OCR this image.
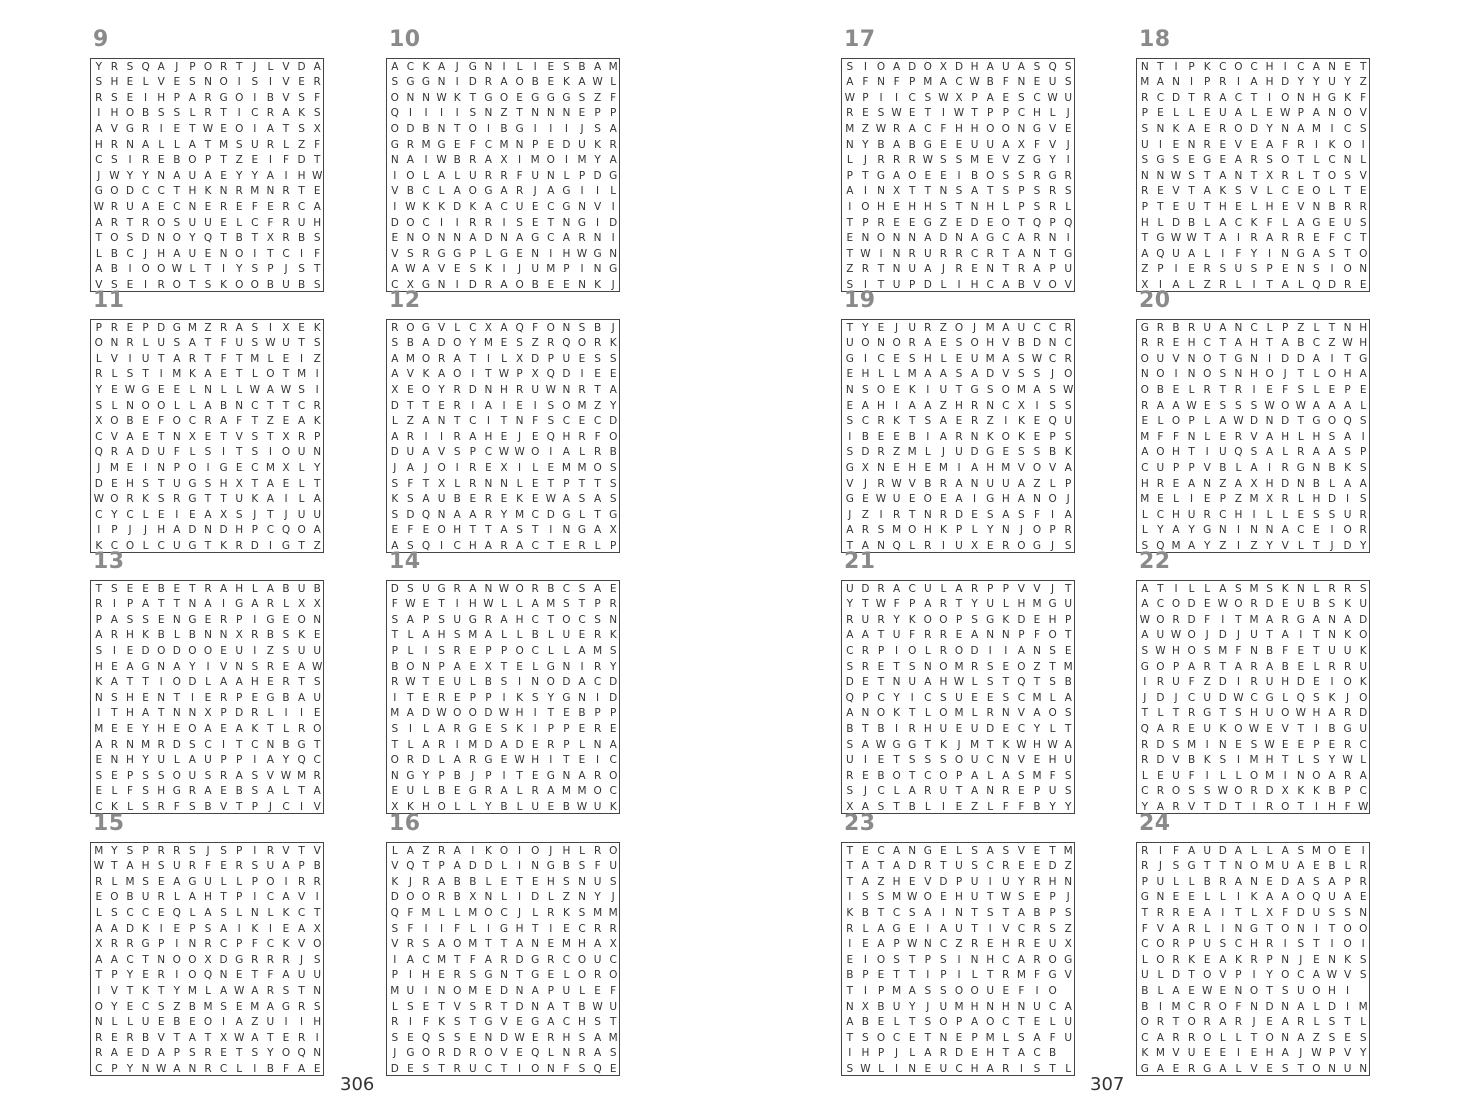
9
Y R S Q A J	P O R T	J	L V D A
S H E L V E S N O I	S	I V E R
R S E	I H P A R G O I B V S F
I H O B S S L R T	I C R A K S
A V G R I	E T W E O I A T S X
H R N A L L A T M S U R L Z F
C S	I R E B O P T Z E	I	F D T
J W Y Y N A U A E Y Y A I H W
G O D C C T H K N R M N R T E
W R U A E C N E R E F E R C A
A R T R O S U U E L C F R U H
T O S D N O Y Q T B T X R B S
L B C J H A U E N O I	T C I	F
A B I O O W L T	I	Y S P	J	S T
V S E	I R O T S K O O B U B S
10
A C K A J G N I	L	I	E S B A M
S G G N I D R A O B E K A W L
O N N W K T G O E G G G S Z F
Q I	I	I	I	S N Z T N N N E P P
O D B N T O I B G I	I	I	J	S A
G R M G E F C M N P E D U K R
N A I W B R A X I M O I M Y A
I O L A L U R R F U N L P D G
V B C L A O G A R J A G I	I	L
I W K K D K A C U E C G N V I
D O C I	I R R I	S E T N G I D
E N O N N A D N A G C A R N I
V S R G G P L G E N I H W G N
A W A V E S K	I	J U M P	I N G
C X G N I D R A O B E E N K	J
11
P R E P D G M Z R A S	I X E K
O N R L U S A T F U S W U T S
L V I U T A R T F T M L E	I Z
R L S T	I M K A E T L O T M I
Y E W G E E L N L L W A W S	I
S L N O O L L A B N C T T C R
X O B E F O C R A F T Z E A K
C V A E T N X E T V S T X R P
Q R A D U F L S	I	T S	I O U N
J M E	I N P O I G E C M X L Y
D E H S T U G S H X T A E L T
W O R K S R G T T U K A I	L A
C Y C L E	I	E A X S	J	T	J U U
I	P	J	J H A D N D H P C Q O A
K C O L C U G T K R D I G T Z
12
R O G V L C X A Q F O N S B J
S B A D O Y M E S Z R Q O R K
A M O R A T	I	L X D P U E S S
A V K A O I	T W P X Q D I	E E
X E O Y R D N H R U W N R T A
D T T E R I A I	E	I	S O M Z Y
L Z A N T C I	T N F S C E C D
A R I	I R A H E	J	E Q H R F O
D U A V S P C W W O I A L R B
J A J O I R E X I	L E M M O S
S F T X L R N N L E T P T T S
K S A U B E R E K E W A S A S
S D Q N A A R Y M C D G L T G
E F E O H T T A S T	I N G A X
A S Q I C H A R A C T E R L P
13
T S E E B E T R A H L A B U B
R I	P A T T N A I G A R L X X
P A S S E N G E R P	I G E O N
A R H K B L B N N X R B S K E
S	I	E D O D O O E U I Z S U U
H E A G N A Y	I V N S R E A W
K A T T	I O D L A A H E R T S
N S H E N T	I	E R P E G B A U
I	T H A T N N X P D R L	I	I	E
M E E Y H E O A E A K T L R O
A R N M R D S C I	T C N B G T
E N H Y U L A U P P	I A Y Q C
S E P S S O U S R A S V W M R
E L F S H G R A E B S A L T A
C K L S R F S B V T P	J C I V
14
D S U G R A N W O R B C S A E
F W E T	I H W L L A M S T P R
S A P S U G R A H C T O C S N
T L A H S M A L L B L U E R K
P L	I	S R E P P O C L L A M S
B O N P A E X T E L G N I R Y
R W T E U L B S	I N O D A C D
I	T E R E P P	I	K S Y G N I D
M A D W O O D W H I	T E B P P
S	I	L A R G E S K	I	P P E R E
T L A R I M D A D E R P L N A
O R D L A R G E W H I	T E	I C
N G Y P B J	P	I	T E G N A R O
E U L B E G R A L R A M M O C
X K H O L L Y B L U E B W U K
15
M Y S P R R S	J	S P	I R V T V
W T A H S U R F E R S U A P B
R L M S E A G U L L P O I R R
E O B U R L A H T P	I C A V I
L S C C E Q L A S L N L K C T
A A D K	I	E P S A I	K	I	E A X
X R R G P	I N R C P F C K V O
A A C T N O O X D G R R R J	S
T P Y E R I O Q N E T F A U U
I V T K T Y M L A W A R S T N
O Y E C S Z B M S E M A G R S
N L L U E B E O I A Z U I	I H
R E R B V T A T X W A T E R I
R A E D A P S R E T S Y O Q N
C P Y N W A N R C L	I B F A E
16
L A Z R A I	K O I O J H L R O
V Q T P A D D L	I N G B S F U
K	J R A B B L E T E H S N U S
D O O R B X N L	I D L Z N Y	J
Q F M L L M O C J	L R K S M M
S F	I	I	F L	I G H T	I	E C R R
V R S A O M T T A N E M H A X
I A C M T F A R D G R C O U C
P	I H E R S G N T G E L O R O
M U I N O M E D N A P U L E F
L S E T V S R T D N A T B W U
R I	F K S T G V E G A C H S T
S E Q S S E N D W E R H S A M
J G O R D R O V E Q L N R A S
D E S T R U C T	I O N F S Q E
306
17
S	I O A D O X D H A U A S Q S
A F N F P M A C W B F N E U S
W P	I	I C S W X P A E S C W U
R E S W E T	I W T P P C H L	J
M Z W R A C F H H O O N G V E
N Y B A B G E E U U A X F V J
L	J R R R W S S M E V Z G Y	I
P T G A O E E	I B O S S R G R
A I N X T T N S A T S P S R S
I O H E H H S T N H L P S R L
T P R E E G Z E D E O T Q P Q
E N O N N A D N A G C A R N I
T W I N R U R R C R T A N T G
Z R T N U A J R E N T R A P U
S	I	T U P D L	I H C A B V O V
18
N T	I	P K C O C H I C A N E T
M A N I	P R I A H D Y Y U Y Z
R C D T R A C T	I O N H G K F
P E L L E U A L E W P A N O V
S N K A E R O D Y N A M I C S
U I	E N R E V E A F R I	K O I
S G S E G E A R S O T L C N L
N N W S T A N T X R L T O S V
R E V T A K S V L C E O L T E
P T E U T H E L H E V N B R R
H L D B L A C K F L A G E U S
T G W W T A I R A R R E F C T
A Q U A L	I	F Y	I N G A S T O
Z P	I	E R S U S P E N S	I O N
X I A L Z R L	I	T A L Q D R E
19
T Y E	J U R Z O J M A U C C R
U O N O R A E S O H V B D N C
G I C E S H L E U M A S W C R
E H L L M A A S A D V S S	J O
N S O E K	I U T G S O M A S W
E A H I A A Z H R N C X I	S S
S C R K T S A E R Z I	K E Q U
I B E E B I A R N K O K E P S
S D R Z M L	J U D G E S S B K
G X N E H E M I A H M V O V A
V J R W V B R A N U U A Z L P
G E W U E O E A I G H A N O J
J Z I R T N R D E S A S F	I A
A R S M O H K P L Y N J O P R
T A N Q L R I U X E R O G J	S
20
G R B R U A N C L P Z L T N H
R R E H C T A H T A B C Z W H
O U V N O T G N I D D A I	T G
N O I N O S N H O J	T L O H A
O B E L R T R I	E F S L E P E
R A A W E S S S W O W A A A L
E L O P L A W D N D T G O Q S
M F F N L E R V A H L H S A I
A O H T	I U Q S A L R A A S P
C U P P V B L A I R G N B K S
H R E A N Z A X H D N B L A A
M E L	I	E P Z M X R L H D I	S
L C H U R C H I	L L E S S U R
L Y A Y G N I N N A C E	I O R
S Q M A Y Z I Z Y V L T	J D Y
21
U D R A C U L A R P P V V J	T
Y T W F P A R T Y U L H M G U
R U R Y K O O P S G K D E H P
A A T U F R R E A N N P F O T
C R P	I O L R O D I	I A N S E
S R E T S N O M R S E O Z T M
D E T N U A H W L S T Q T S B
Q P C Y	I C S U E E S C M L A
A N O K T L O M L R N V A O S
B T B I R H U E U D E C Y L T
S A W G G T K	J M T K W H W A
U I	E T S S S O U C N V E H U
R E B O T C O P A L A S M F S
S	J C L A R U T A N R E P U S
X A S T B L	I	E Z L F F B Y Y
22
A T	I	L L A S M S K N L R R S
A C O D E W O R D E U B S K U
W O R D F	I	T M A R G A N A D
A U W O J D J U T A I	T N K O
S W H O S M F N B F E T U U K
G O P A R T A R A B E L R R U
I R U F Z D I R U H D E	I O K
J D J C U D W C G L Q S K	J O
T L T R G T S H U O W H A R D
Q A R E U K O W E V T	I B G U
R D S M I N E S W E E P E R C
R D V B K S	I M H T L S Y W L
L E U F	I	L L O M I N O A R A
C R O S S W O R D X K K B P C
Y A R V T D T	I R O T	I H F W
23
T E C A N G E L S A S V E T M
T A T A D R T U S C R E E D Z
T A Z H E V D P U I U Y R H N
I	S S M W O E H U T W S E P	J
K B T C S A I N T S T A B P S
R L A G E	I A U T	I V C R S Z
I	E A P W N C Z R E H R E U X
E	I O S T P S	I N H C A R O G
B P E T T	I	P	I	L T R M F G V
T	I	P M A S S O O U E F	I O
N X B U Y	J U M H N H N U C A
A B E L T S O P A O C T E L U
T S O C E T N E P M L S A F U
I H P	J	L A R D E H T A C B
S W L	I N E U C H A R I	S T L
24
R I	F A U D A L L A S M O E	I
R J	S G T T N O M U A E B L R
P U L L B R A N E D A S A P R
G N E E L L	I	K A A O Q U A E
T R R E A I	T L X F D U S S N
F V A R L	I N G T O N I	T O O
C O R P U S C H R I	S T	I O I
L O R K E A K R P N J	E N K S
U L D T O V P	I	Y O C A W V S
B L A E W E N O T S U O H I
B I M C R O F N D N A L D I M
O R T O R A R J	E A R L S T L
C A R R O L L T O N A Z S E S
K M V U E E	I	E H A J W P V Y
G A E R G A L V E S T O N U N
307
